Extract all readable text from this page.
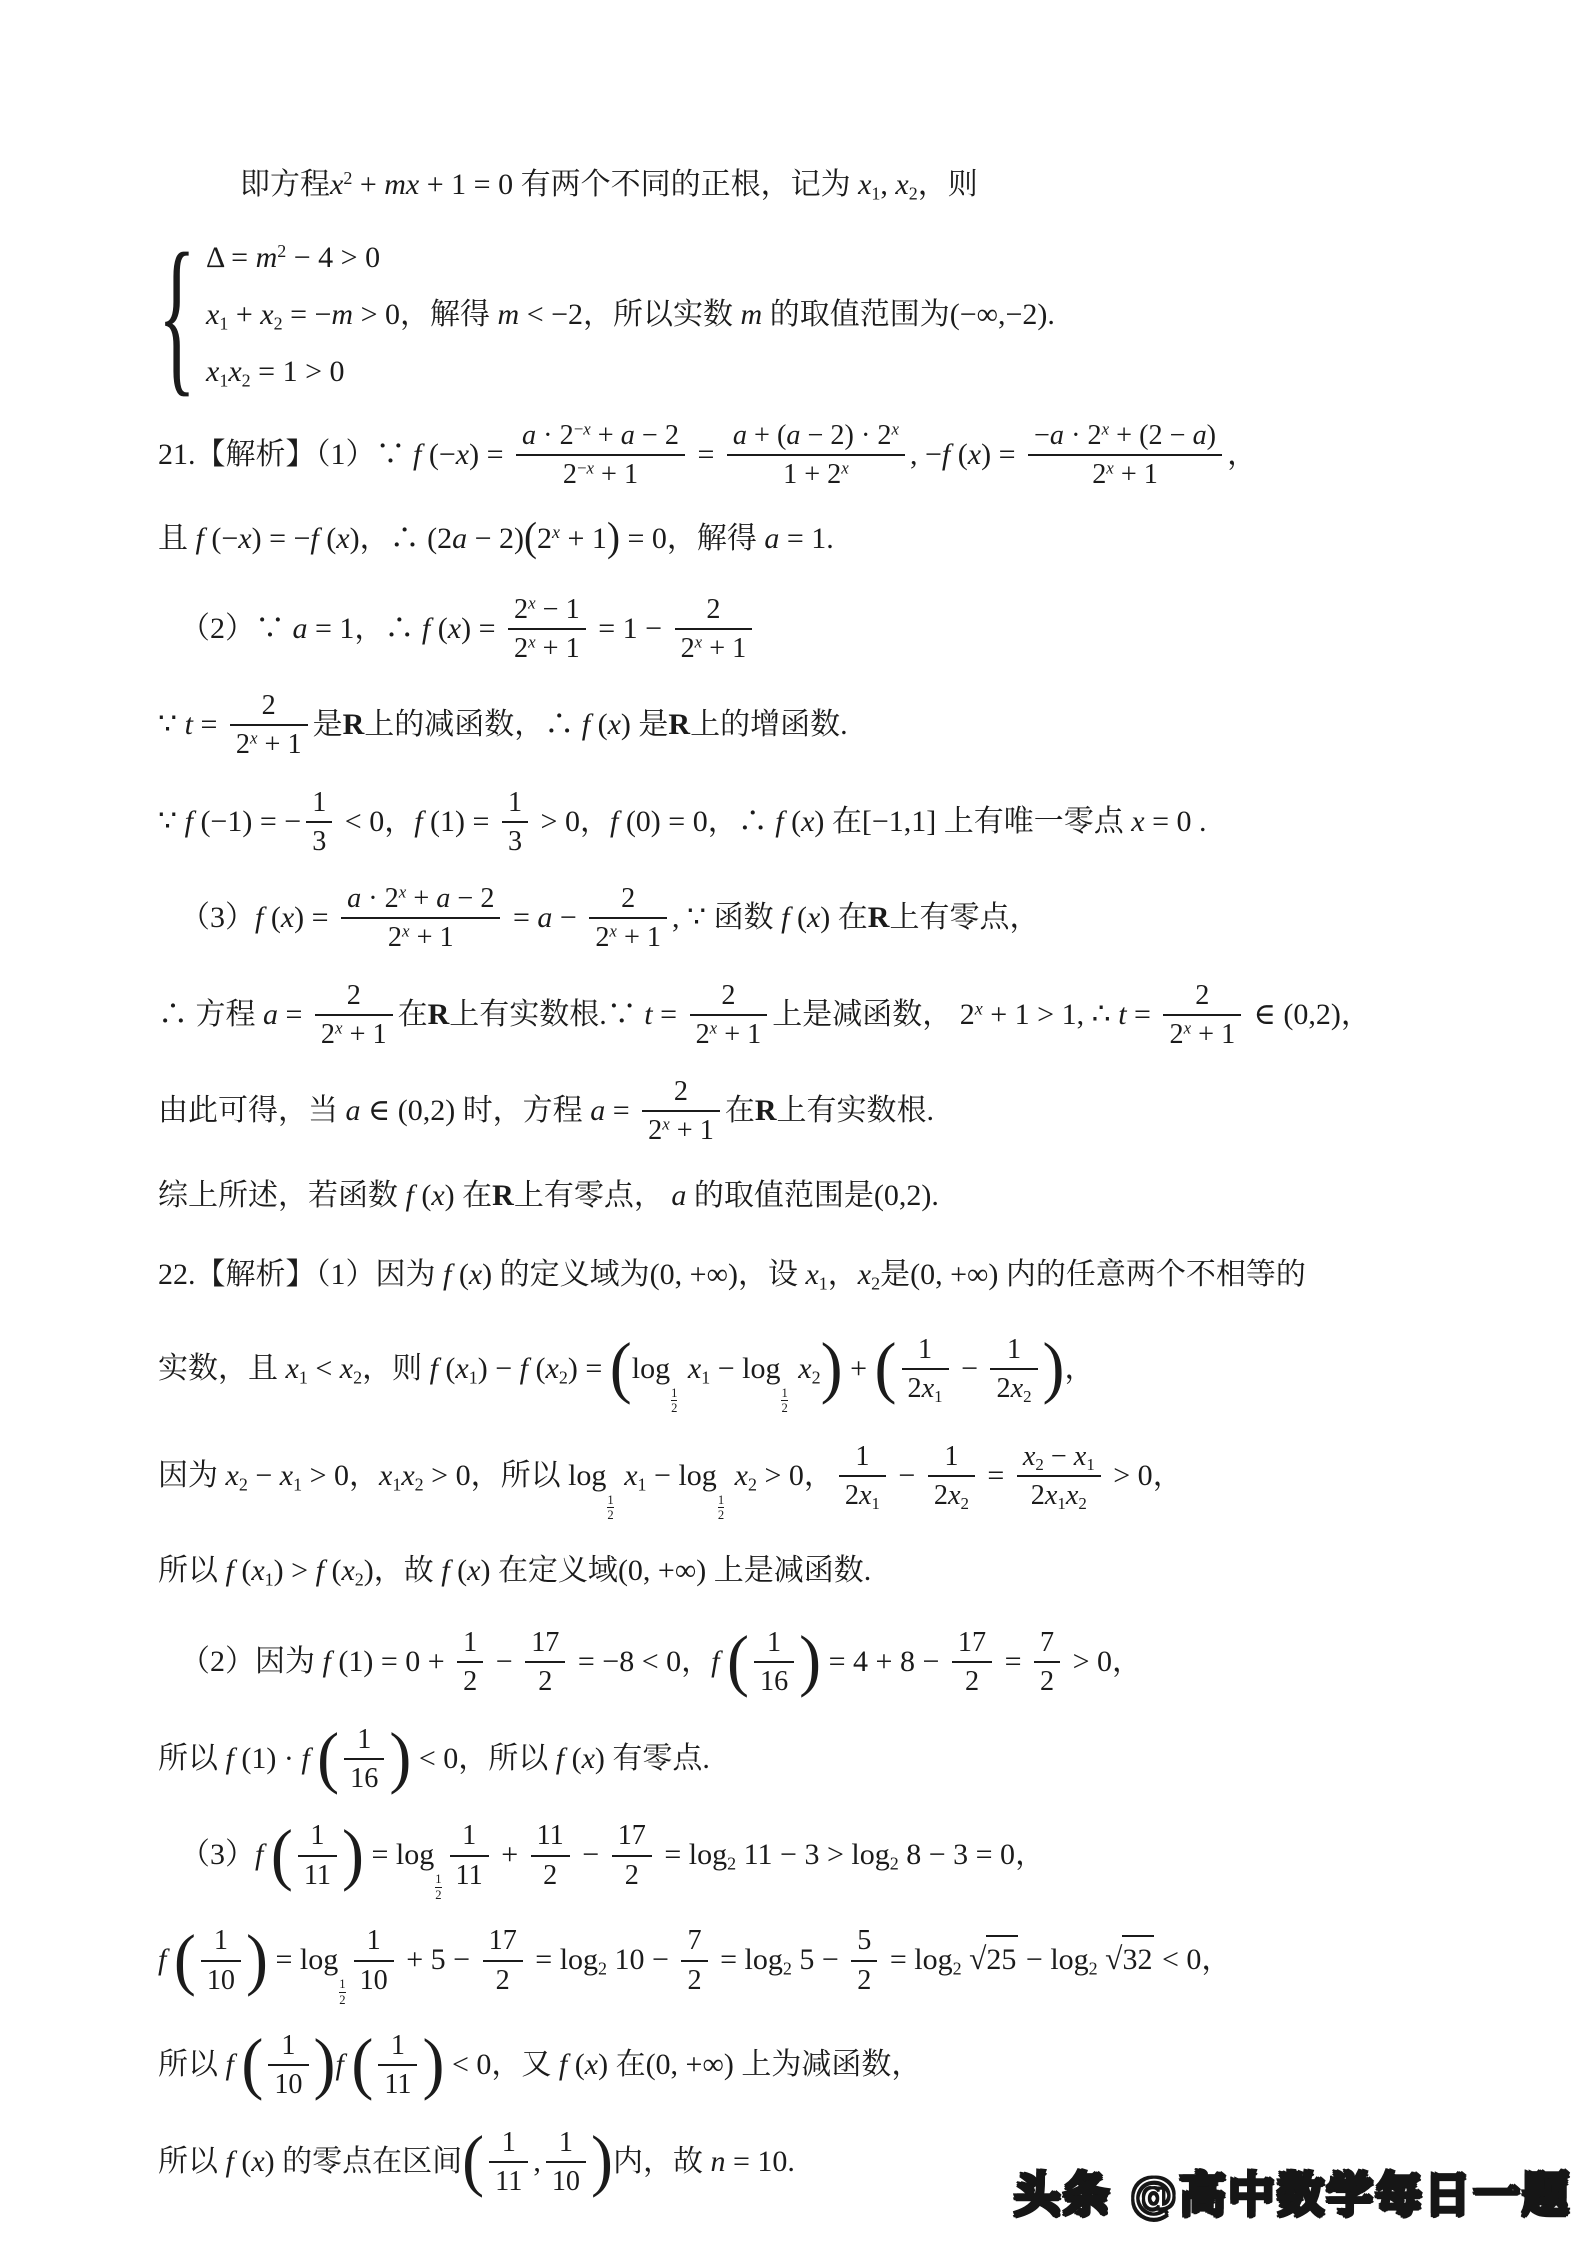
即方程$x^2$ + mx + 1 = 0 有两个不同的正根，记为 $x_1$, $x_2$，则
{ $\Delta = m^2 - 4 > 0$
$x_1 + x_2 = -m > 0$，解得 m < −2，所以实数 m 的取值范围为(−∞,−2).
$x_1x_2 = 1 > 0$
21.【解析】（1）∵ f $(-x) = \frac{a \cdot 2^{-x} + a - 2}{2^{-x} + 1} = \frac{a + (a - 2) \cdot 2^x}{1 + 2^x}$ , −f $(x) = \frac{-a \cdot 2^x + (2 - a)}{2^x + 1}$ ，
且 f (−x) = −f (x)，∴ $(2a - 2)(2^x + 1) = 0$，解得 a = 1.
（2）∵ a = 1，∴ f $(x) = \frac{2^x - 1}{2^x + 1} = 1 - \frac{2}{2^x + 1}$
∵ $t = \frac{2}{2^x + 1}$ 是R上的减函数，∴ f (x) 是R上的增函数.
∵ f (−1) = − $\frac{1}{3} < 0$，f $(1) = \frac{1}{3} > 0$，f (0) = 0，∴ f (x) 在[−1,1] 上有唯一零点 x = 0 .
（3）f $(x) = \frac{a \cdot 2^x + a - 2}{2^x + 1} = a - \frac{2}{2^x + 1}$ , ∵ 函数 f (x) 在R上有零点，
∴ 方程 $a = \frac{2}{2^x + 1}$ 在R上有实数根.∵ $t = \frac{2}{2^x + 1}$ 上是减函数， $2^x + 1 > 1$, ∴ $t = \frac{2}{2^x + 1}$ ∈ (0,2)，
由此可得，当 a ∈ (0,2) 时，方程 $a = \frac{2}{2^x + 1}$ 在R上有实数根.
综上所述，若函数 f (x) 在R上有零点， a 的取值范围是(0,2).
22.【解析】（1）因为 f (x) 的定义域为(0, +∞)，设 $x_1$，$x_2$是(0, +∞) 内的任意两个不相等的
实数，且 $x_1 < x_2$，则 f $(x_1) - f$ $(x_2) = (\log$
$\frac{1}{2}$
$x_1 - \log$
$\frac{1}{2}$
$x_2$) + ( $\frac{1}{2x_1} - \frac{1}{2x_2}$ )，
因为 $x_2 - x_1 > 0$，$x_1x_2 > 0$，所以 log
$\frac{1}{2}$
$x_1 - \log$
$\frac{1}{2}$
$x_2 > 0$， $\frac{1}{2x_1} - \frac{1}{2x_2} = \frac{x_2 - x_1}{2x_1x_2} > 0$，
所以 f $(x_1) > f$ $(x_2)$，故 f (x) 在定义域(0, +∞) 上是减函数.
（2）因为 f $(1) = 0 + \frac{1}{2} - \frac{17}{2} = -8 < 0$，f ( $\frac{1}{16}$ ) = $4 + 8 - \frac{17}{2} = \frac{7}{2} > 0$，
所以 f (1) · f ( $\frac{1}{16}$ ) < 0，所以 f (x) 有零点.
（3）f ( $\frac{1}{11}$ ) = log
$\frac{1}{2} \frac{1}{11} + \frac{11}{2} - \frac{17}{2} = \log_2 11 - 3 > \log_2 8 - 3 = 0$，
f ( $\frac{1}{10}$ ) = log
$\frac{1}{2} \frac{1}{10} + 5 - \frac{17}{2} = \log_2 10 - \frac{7}{2} = \log_2 5 - \frac{5}{2} = \log_2 √25 - \log_2 √32 < 0$，
所以 f ( $\frac{1}{10} )f$ ( $\frac{1}{11}$ ) < 0，又 f (x) 在(0, +∞) 上为减函数，
所以 f (x) 的零点在区间( $\frac{1}{11}$ , $\frac{1}{10}$ )内，故 n = 10.
头条 @高中数学每日一题
